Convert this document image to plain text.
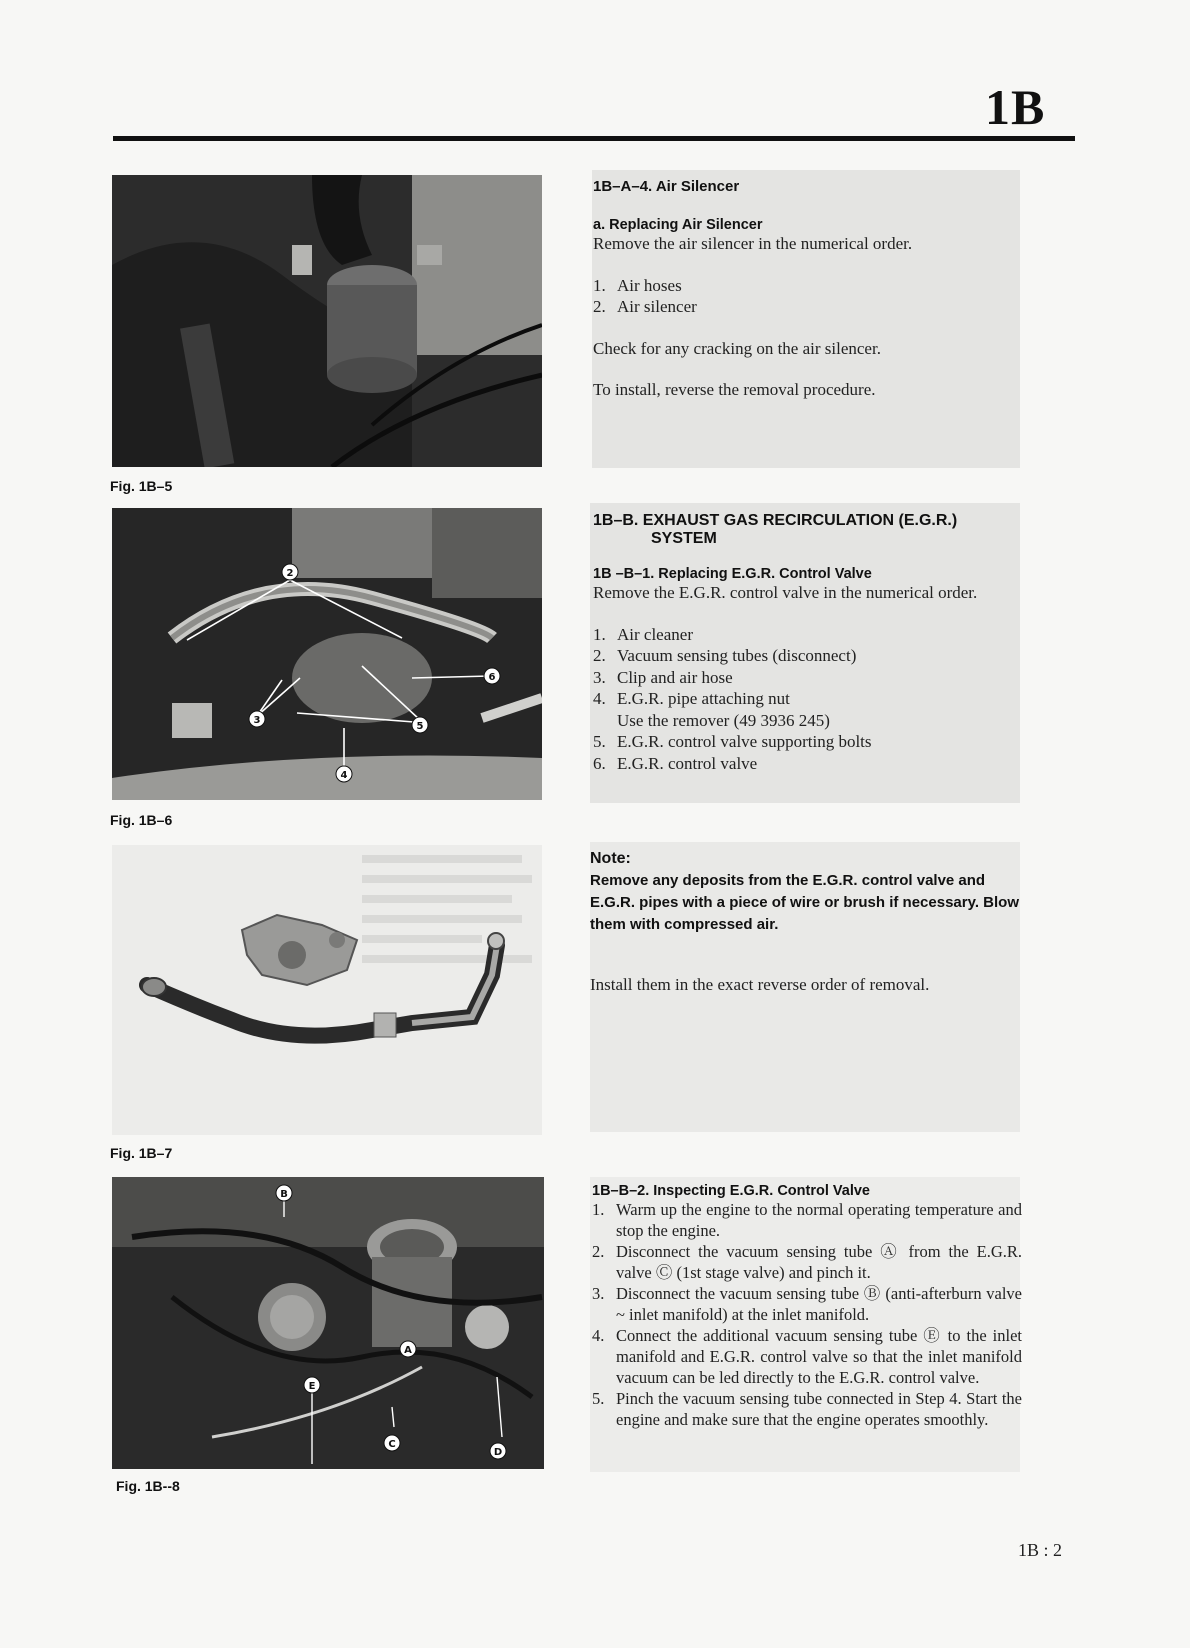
1B
Fig. 1B–5
1B–A–4. Air Silencer
a. Replacing Air Silencer
Remove the air silencer in the numerical order.
1. Air hoses
2. Air silencer
Check for any cracking on the air silencer.
To install, reverse the removal procedure.
2
3
4
5
6
Fig. 1B–6
1B–B. EXHAUST GAS RECIRCULATION (E.G.R.)
SYSTEM
1B –B–1. Replacing E.G.R. Control Valve
Remove the E.G.R. control valve in the numerical order.
1. Air cleaner
2. Vacuum sensing tubes (disconnect)
3. Clip and air hose
4. E.G.R. pipe attaching nut
Use the remover (49 3936 245)
5. E.G.R. control valve supporting bolts
6. E.G.R. control valve
Fig. 1B–7
Note:
Remove any deposits from the E.G.R. control valve and E.G.R. pipes with a piece of wire or brush if necessary. Blow them with compressed air.
Install them in the exact reverse order of removal.
B
A
E
C
D
Fig. 1B--8
1B–B–2. Inspecting E.G.R. Control Valve
1. Warm up the engine to the normal operating temperature and stop the engine.
2. Disconnect the vacuum sensing tube Ⓐ from the E.G.R. valve Ⓒ (1st stage valve) and pinch it.
3. Disconnect the vacuum sensing tube Ⓑ (anti-afterburn valve ~ inlet manifold) at the inlet manifold.
4. Connect the additional vacuum sensing tube Ⓔ to the inlet manifold and E.G.R. control valve so that the inlet manifold vacuum can be led directly to the E.G.R. control valve.
5. Pinch the vacuum sensing tube connected in Step 4. Start the engine and make sure that the engine operates smoothly.
1B : 2
